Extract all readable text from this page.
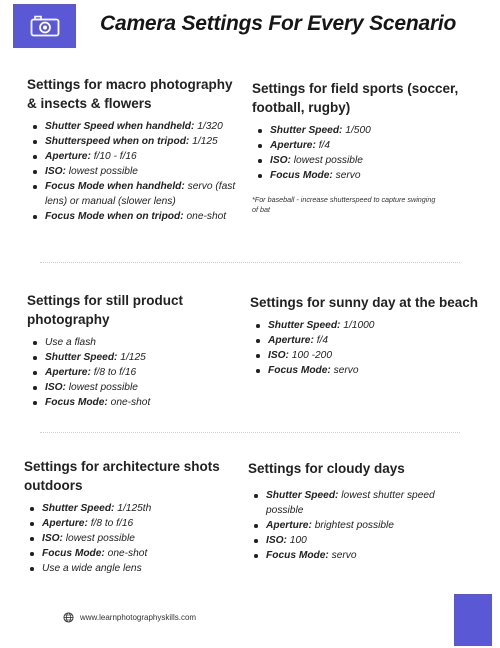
Camera Settings For Every Scenario
Settings for macro photography & insects & flowers
Shutter Speed when handheld: 1/320
Shutterspeed when on tripod: 1/125
Aperture: f/10 - f/16
ISO: lowest possible
Focus Mode when handheld: servo (fast lens) or manual (slower lens)
Focus Mode when on tripod: one-shot
Settings for field sports (soccer, football, rugby)
Shutter Speed: 1/500
Aperture: f/4
ISO: lowest possible
Focus Mode: servo
*For baseball - increase shutterspeed to capture swinging of bat
Settings for still product photography
Use a flash
Shutter Speed: 1/125
Aperture: f/8 to f/16
ISO: lowest possible
Focus Mode: one-shot
Settings for sunny day at the beach
Shutter Speed: 1/1000
Aperture: f/4
ISO: 100 -200
Focus Mode: servo
Settings for architecture shots outdoors
Shutter Speed: 1/125th
Aperture: f/8 to f/16
ISO: lowest possible
Focus Mode: one-shot
Use a wide angle lens
Settings for cloudy days
Shutter Speed: lowest shutter speed possible
Aperture: brightest possible
ISO: 100
Focus Mode: servo
www.learnphotographyskills.com
